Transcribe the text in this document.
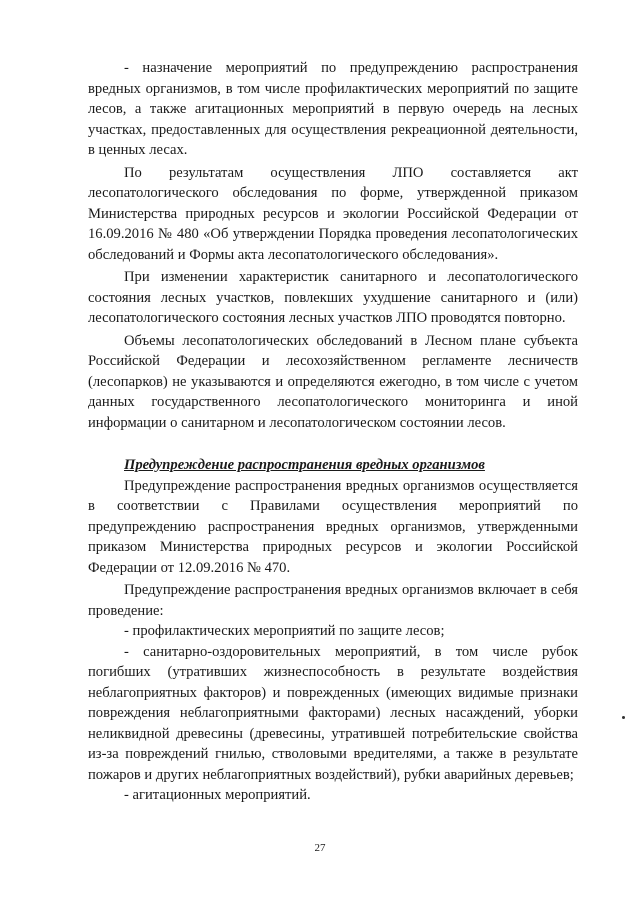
- назначение мероприятий по предупреждению распространения вредных организмов, в том числе профилактических мероприятий по защите лесов, а также агитационных мероприятий в первую очередь на лесных участках, предоставленных для осуществления рекреационной деятельности, в ценных лесах.

По результатам осуществления ЛПО составляется акт лесопатологического обследования по форме, утвержденной приказом Министерства природных ресурсов и экологии Российской Федерации от 16.09.2016 № 480 «Об утверждении Порядка проведения лесопатологических обследований и Формы акта лесопатологического обследования».

При изменении характеристик санитарного и лесопатологического состояния лесных участков, повлекших ухудшение санитарного и (или) лесопатологического состояния лесных участков ЛПО проводятся повторно.

Объемы лесопатологических обследований в Лесном плане субъекта Российской Федерации и лесохозяйственном регламенте лесничеств (лесопарков) не указываются и определяются ежегодно, в том числе с учетом данных государственного лесопатологического мониторинга и иной информации о санитарном и лесопатологическом состоянии лесов.

Предупреждение распространения вредных организмов

Предупреждение распространения вредных организмов осуществляется в соответствии с Правилами осуществления мероприятий по предупреждению распространения вредных организмов, утвержденными приказом Министерства природных ресурсов и экологии Российской Федерации от 12.09.2016 № 470.

Предупреждение распространения вредных организмов включает в себя проведение:

- профилактических мероприятий по защите лесов;

- санитарно-оздоровительных мероприятий, в том числе рубок погибших (утративших жизнеспособность в результате воздействия неблагоприятных факторов) и поврежденных (имеющих видимые признаки повреждения неблагоприятными факторами) лесных насаждений, уборки неликвидной древесины (древесины, утратившей потребительские свойства из-за повреждений гнилью, стволовыми вредителями, а также в результате пожаров и других неблагоприятных воздействий), рубки аварийных деревьев;

- агитационных мероприятий.

27
